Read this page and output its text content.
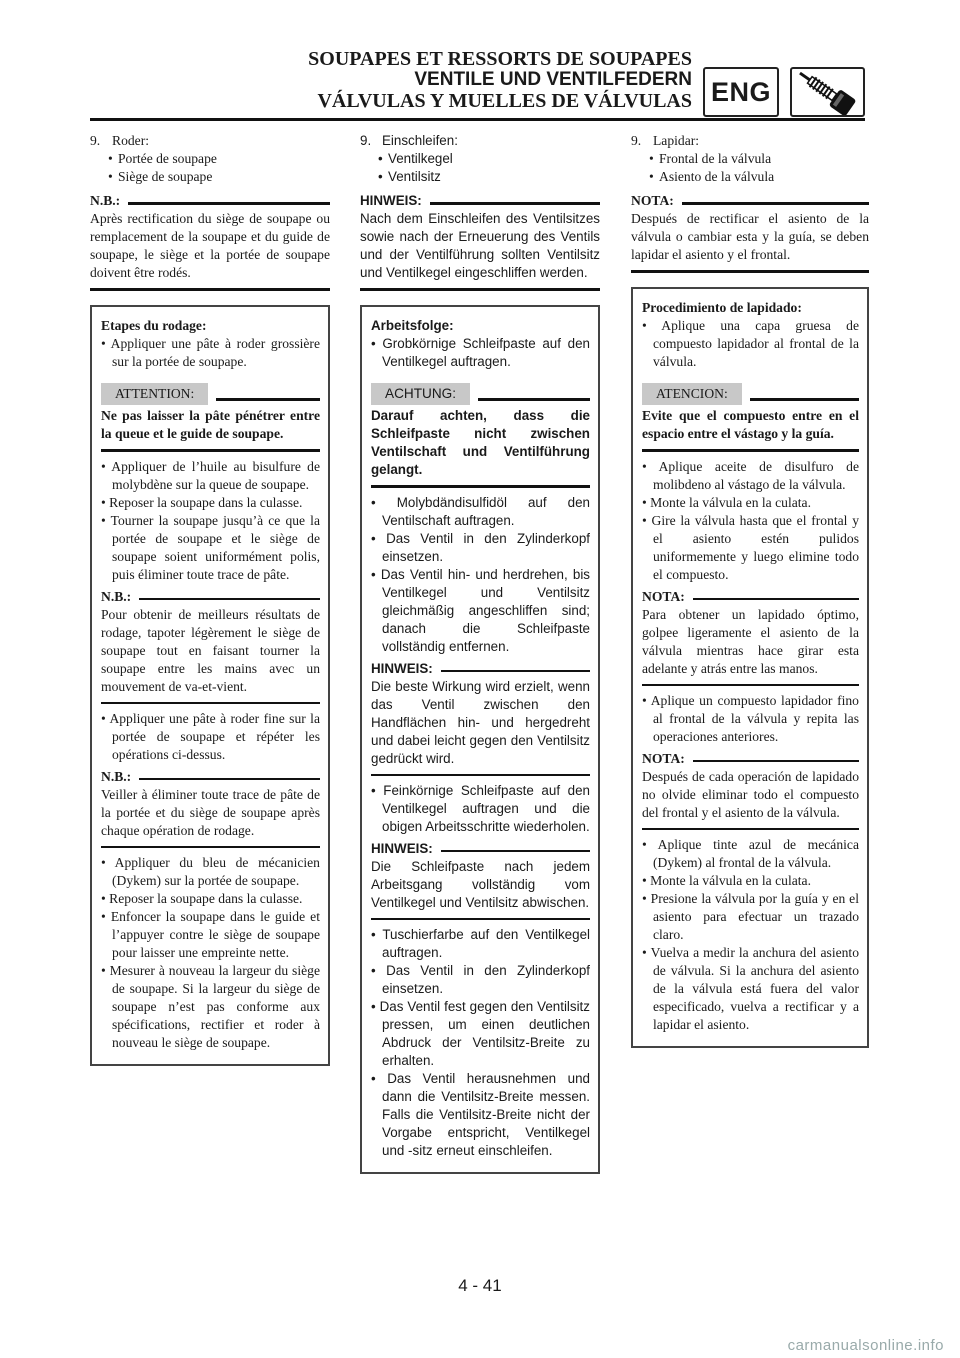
SOUPAPES ET RESSORTS DE SOUPAPES
VENTILE UND VENTILFEDERN
VÁLVULAS Y MUELLES DE VÁLVULAS ENG
9. Roder:
• Portée de soupape
• Siège de soupape
N.B.:

Après rectification du siège de soupape ou remplacement de la soupape et du guide de soupape, le siège et la portée de soupape doivent être rodés.

Etapes du rodage:
• Appliquer une pâte à roder grossière sur la portée de soupape.
ATTENTION:
Ne pas laisser la pâte pénétrer entre la queue et le guide de soupape.
• Appliquer de l’huile au bisulfure de molybdène sur la queue de soupape.
• Reposer la soupape dans la culasse.
• Tourner la soupape jusqu’à ce que la portée de soupape et le siège de soupape soient uniformément polis, puis éliminer toute trace de pâte.
N.B.:
Pour obtenir de meilleurs résultats de rodage, tapoter légèrement le siège de soupape tout en faisant tourner la soupape entre les mains avec un mouvement de va-et-vient.
• Appliquer une pâte à roder fine sur la portée de soupape et répéter les opérations ci-dessus.
N.B.:
Veiller à éliminer toute trace de pâte de la portée et du siège de soupape après chaque opération de rodage.
• Appliquer du bleu de mécanicien (Dykem) sur la portée de soupape.
• Reposer la soupape dans la culasse.
• Enfoncer la soupape dans le guide et l’appuyer contre le siège de soupape pour laisser une empreinte nette.
• Mesurer à nouveau la largeur du siège de soupape. Si la largeur du siège de soupape n’est pas conforme aux spécifications, rectifier et roder à nouveau le siège de soupape.
9. Einschleifen:
• Ventilkegel
• Ventilsitz
HINWEIS:

Nach dem Einschleifen des Ventilsitzes sowie nach der Erneuerung des Ventils und der Ventilführung sollten Ventilsitz und Ventilkegel eingeschliffen werden.

Arbeitsfolge:
• Grobkörnige Schleifpaste auf den Ventilkegel auftragen.
ACHTUNG:
Darauf achten, dass die Schleifpaste nicht zwischen Ventilschaft und Ventilführung gelangt.
• Molybdändisulfidöl auf den Ventilschaft auftragen.
• Das Ventil in den Zylinderkopf einsetzen.
• Das Ventil hin- und herdrehen, bis Ventilkegel und Ventilsitz gleichmäßig angeschliffen sind; danach die Schleifpaste vollständig entfernen.
HINWEIS:
Die beste Wirkung wird erzielt, wenn das Ventil zwischen den Handflächen hin- und hergedreht und dabei leicht gegen den Ventilsitz gedrückt wird.
• Feinkörnige Schleifpaste auf den Ventilkegel auftragen und die obigen Arbeitsschritte wiederholen.
HINWEIS:
Die Schleifpaste nach jedem Arbeitsgang vollständig vom Ventilkegel und Ventilsitz abwischen.
• Tuschierfarbe auf den Ventilkegel auftragen.
• Das Ventil in den Zylinderkopf einsetzen.
• Das Ventil fest gegen den Ventilsitz pressen, um einen deutlichen Abdruck der Ventilsitz-Breite zu erhalten.
• Das Ventil herausnehmen und dann die Ventilsitz-Breite messen. Falls die Ventilsitz-Breite nicht der Vorgabe entspricht, Ventilkegel und -sitz erneut einschleifen.
9. Lapidar:
• Frontal de la válvula
• Asiento de la válvula
NOTA:

Después de rectificar el asiento de la válvula o cambiar esta y la guía, se deben lapidar el asiento y el frontal.

Procedimiento de lapidado:
• Aplique una capa gruesa de compuesto lapidador al frontal de la válvula.
ATENCION:
Evite que el compuesto entre en el espacio entre el vástago y la guía.
• Aplique aceite de disulfuro de molibdeno al vástago de la válvula.
• Monte la válvula en la culata.
• Gire la válvula hasta que el frontal y el asiento estén pulidos uniformemente y luego elimine todo el compuesto.
NOTA:
Para obtener un lapidado óptimo, golpee ligeramente el asiento de la válvula mientras hace girar esta adelante y atrás entre las manos.
• Aplique un compuesto lapidador fino al frontal de la válvula y repita las operaciones anteriores.
NOTA:
Después de cada operación de lapidado no olvide eliminar todo el compuesto del frontal y el asiento de la válvula.
• Aplique tinte azul de mecánica (Dykem) al frontal de la válvula.
• Monte la válvula en la culata.
• Presione la válvula por la guía y en el asiento para efectuar un trazado claro.
• Vuelva a medir la anchura del asiento de válvula. Si la anchura del asiento de la válvula está fuera del valor especificado, vuelva a rectificar y a lapidar el asiento.
4 - 41
carmanualsonline.info
